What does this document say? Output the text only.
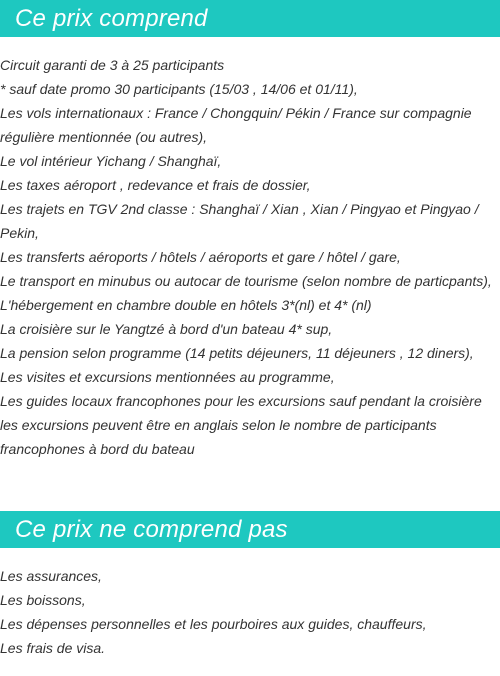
Ce prix comprend
Circuit garanti de 3 à 25 participants
* sauf date promo 30 participants (15/03 , 14/06 et 01/11),
Les vols internationaux : France / Chongquin/ Pékin / France sur compagnie
régulière mentionnée (ou autres),
Le vol intérieur Yichang / Shanghaï,
Les taxes aéroport , redevance et frais de dossier,
Les trajets en TGV 2nd classe : Shanghaï / Xian , Xian / Pingyao et Pingyao /
Pekin,
Les transferts aéroports / hôtels / aéroports et gare / hôtel / gare,
Le transport en minubus ou autocar de tourisme (selon nombre de particpants),
L'hébergement en chambre double en hôtels 3*(nl) et 4* (nl)
La croisière sur le Yangtzé à bord d'un bateau 4* sup,
La pension selon programme (14 petits déjeuners, 11 déjeuners , 12 diners),
Les visites et excursions mentionnées au programme,
Les guides locaux francophones pour les excursions sauf pendant la croisière
les excursions peuvent être en anglais selon le nombre de participants
francophones à bord du bateau
Ce prix ne comprend pas
Les assurances,
Les boissons,
Les dépenses personnelles et les pourboires aux guides, chauffeurs,
Les frais de visa.
